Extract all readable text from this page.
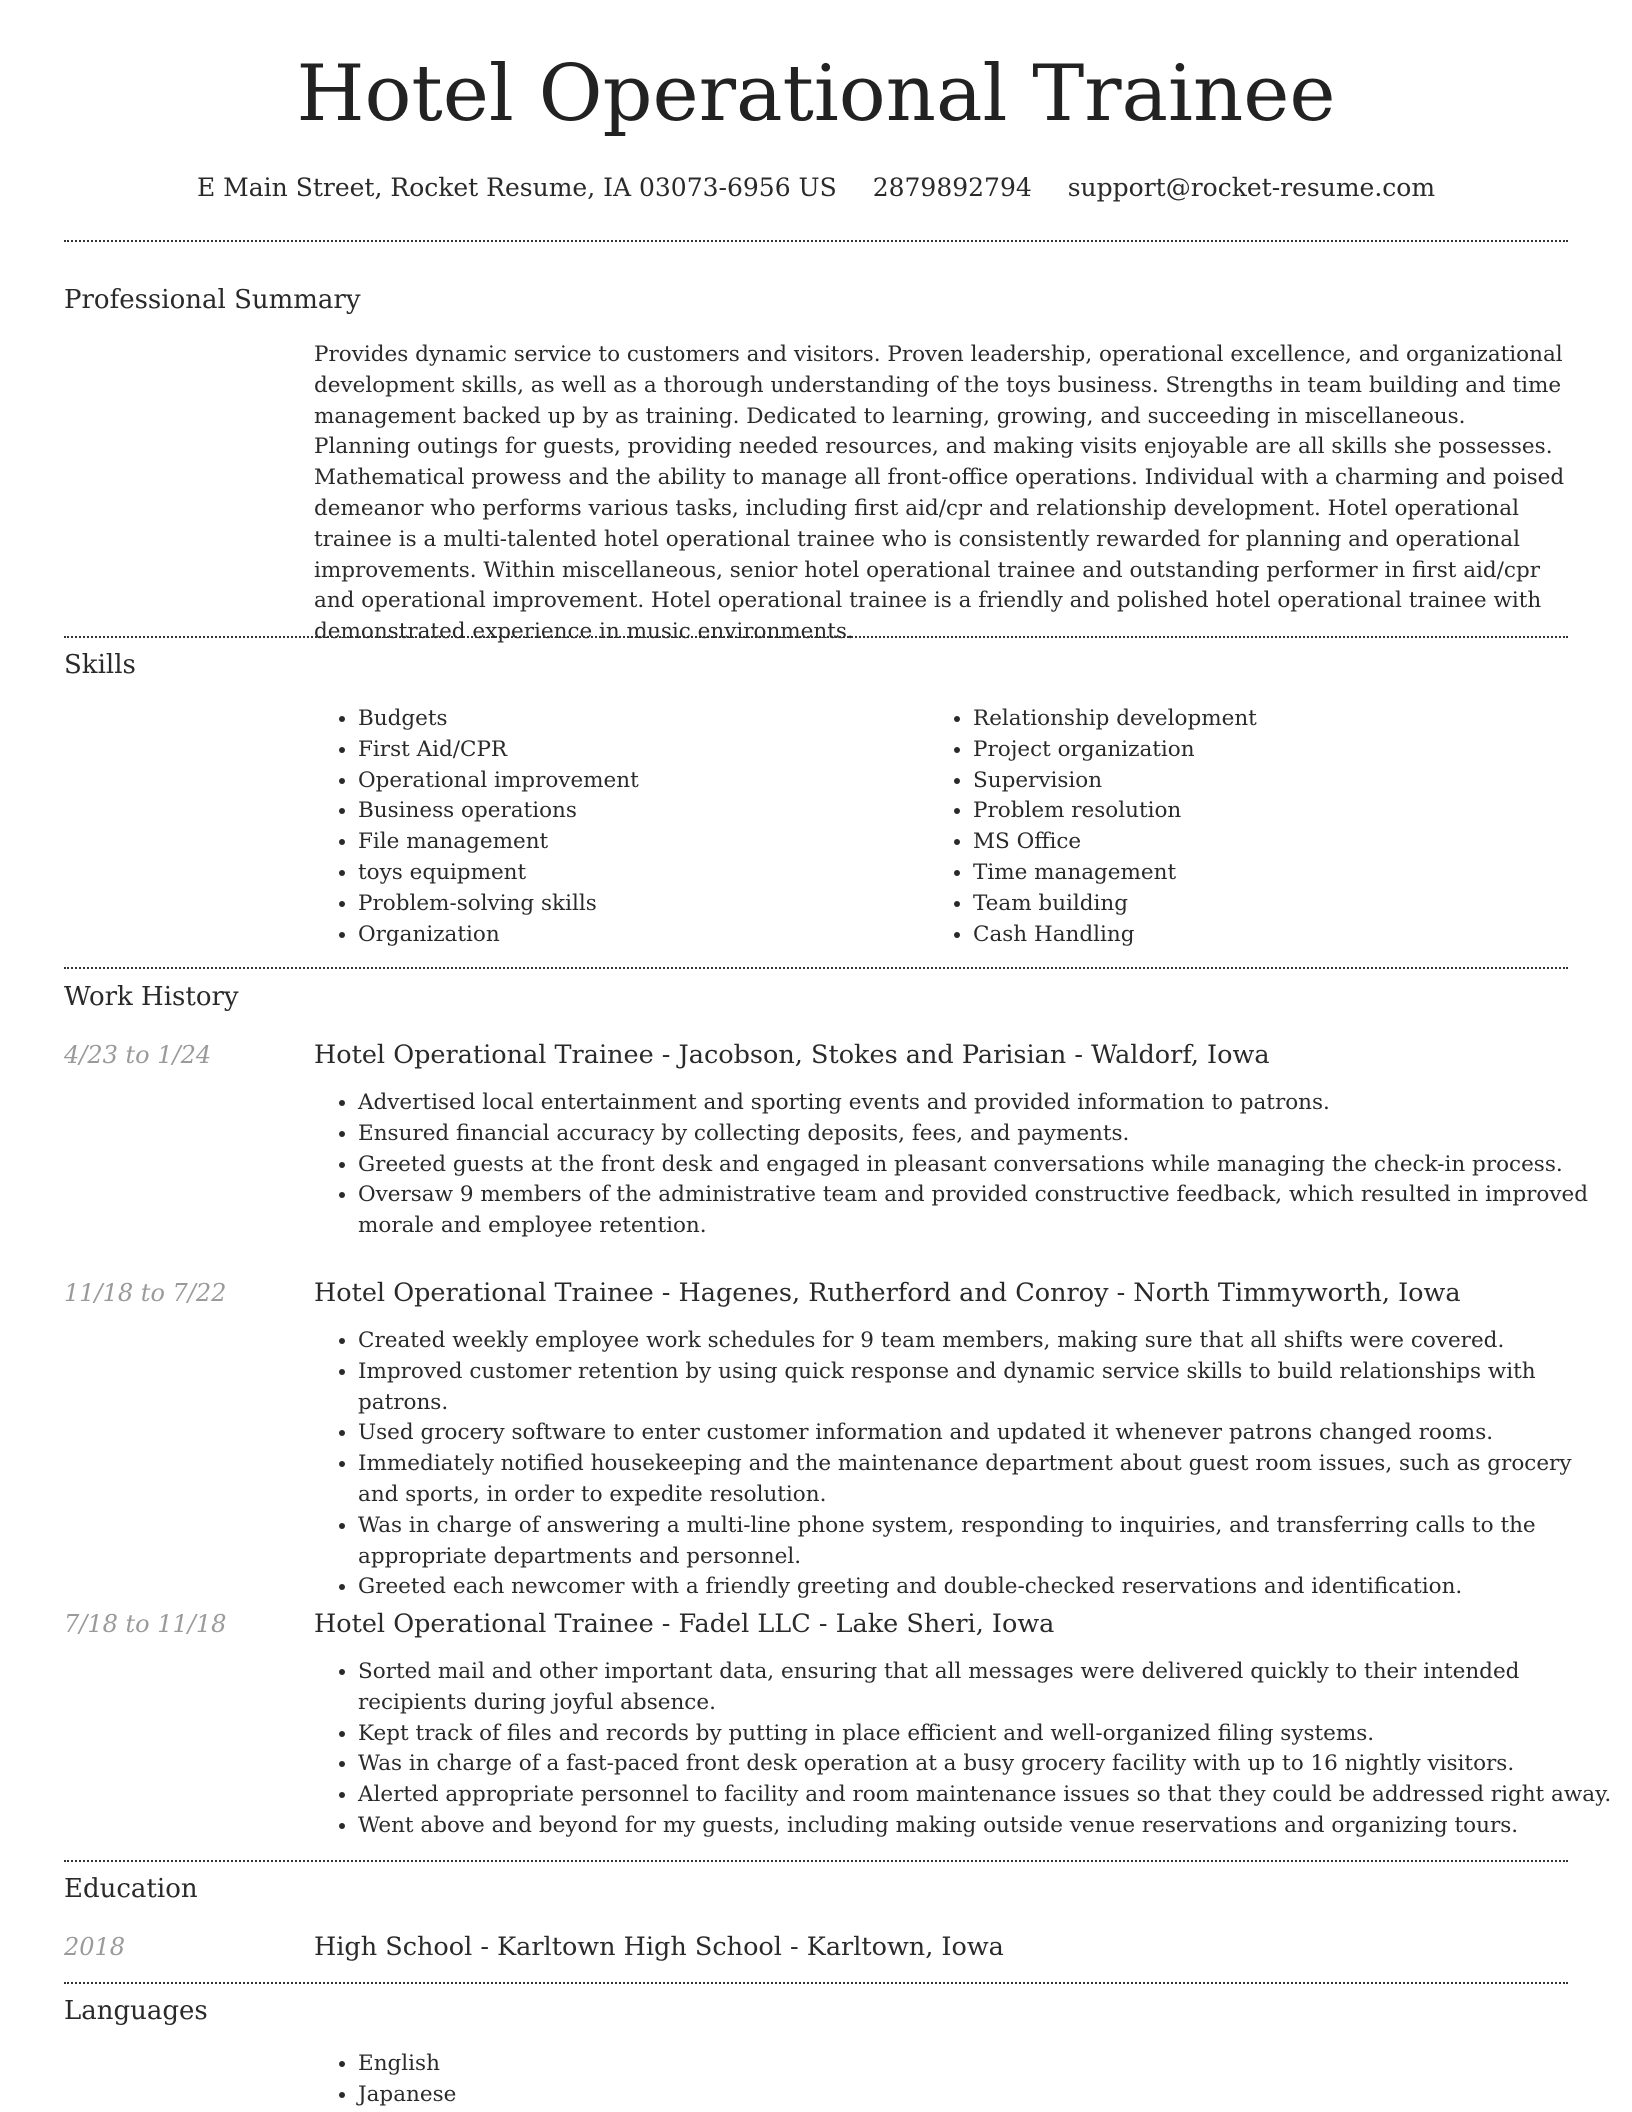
Hotel Operational Trainee
E Main Street, Rocket Resume, IA 03073-6956 US 2879892794 support@rocket-resume.com
Professional Summary

Provides dynamic service to customers and visitors. Proven leadership, operational excellence, and organizational development skills, as well as a thorough understanding of the toys business. Strengths in team building and time management backed up by as training. Dedicated to learning, growing, and succeeding in miscellaneous. Planning outings for guests, providing needed resources, and making visits enjoyable are all skills she possesses. Mathematical prowess and the ability to manage all front-office operations. Individual with a charming and poised demeanor who performs various tasks, including first aid/cpr and relationship development. Hotel operational trainee is a multi-talented hotel operational trainee who is consistently rewarded for planning and operational improvements. Within miscellaneous, senior hotel operational trainee and outstanding performer in first aid/cpr and operational improvement. Hotel operational trainee is a friendly and polished hotel operational trainee with demonstrated experience in music environments.

Skills
• Budgets
• First Aid/CPR
• Operational improvement
• Business operations
• File management
• toys equipment
• Problem-solving skills
• Organization
• Relationship development
• Project organization
• Supervision
• Problem resolution
• MS Office
• Time management
• Team building
• Cash Handling
Work History
4/23 to 1/24	Hotel Operational Trainee - Jacobson, Stokes and Parisian - Waldorf, Iowa
• Advertised local entertainment and sporting events and provided information to patrons.
• Ensured financial accuracy by collecting deposits, fees, and payments.
• Greeted guests at the front desk and engaged in pleasant conversations while managing the check-in process.
• Oversaw 9 members of the administrative team and provided constructive feedback, which resulted in improved morale and employee retention.
11/18 to 7/22	Hotel Operational Trainee - Hagenes, Rutherford and Conroy - North Timmyworth, Iowa
• Created weekly employee work schedules for 9 team members, making sure that all shifts were covered.
• Improved customer retention by using quick response and dynamic service skills to build relationships with patrons.
• Used grocery software to enter customer information and updated it whenever patrons changed rooms.
• Immediately notified housekeeping and the maintenance department about guest room issues, such as grocery and sports, in order to expedite resolution.
• Was in charge of answering a multi-line phone system, responding to inquiries, and transferring calls to the appropriate departments and personnel.
• Greeted each newcomer with a friendly greeting and double-checked reservations and identification.
7/18 to 11/18	Hotel Operational Trainee - Fadel LLC - Lake Sheri, Iowa
• Sorted mail and other important data, ensuring that all messages were delivered quickly to their intended recipients during joyful absence.
• Kept track of files and records by putting in place efficient and well-organized filing systems.
• Was in charge of a fast-paced front desk operation at a busy grocery facility with up to 16 nightly visitors.
• Alerted appropriate personnel to facility and room maintenance issues so that they could be addressed right away.
• Went above and beyond for my guests, including making outside venue reservations and organizing tours.
Education
2018	High School - Karltown High School - Karltown, Iowa
Languages
• English
• Japanese
